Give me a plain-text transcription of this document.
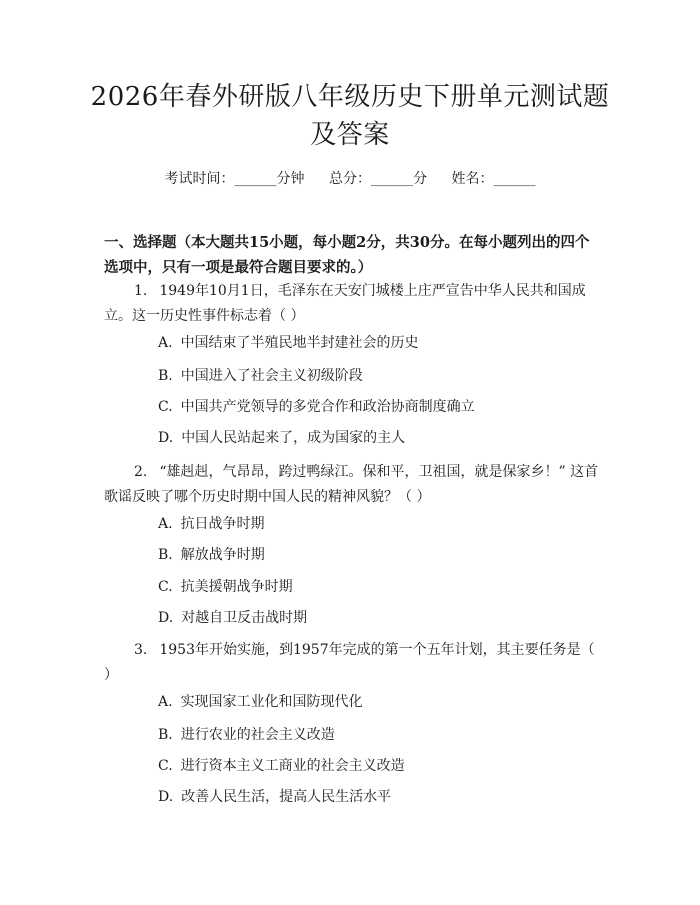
2026年春外研版八年级历史下册单元测试题及答案
考试时间：______分钟 总分：______分 姓名：______
一、选择题（本大题共15小题，每小题2分，共30分。在每小题列出的四个选项中，只有一项是最符合题目要求的。）
1. 1949年10月1日，毛泽东在天安门城楼上庄严宣告中华人民共和国成立。这一历史性事件标志着（ ）
A. 中国结束了半殖民地半封建社会的历史
B. 中国进入了社会主义初级阶段
C. 中国共产党领导的多党合作和政治协商制度确立
D. 中国人民站起来了，成为国家的主人
2. “雄赳赳，气昂昂，跨过鸭绿江。保和平，卫祖国，就是保家乡！” 这首歌谣反映了哪个历史时期中国人民的精神风貌？（ ）
A. 抗日战争时期
B. 解放战争时期
C. 抗美援朝战争时期
D. 对越自卫反击战时期
3. 1953年开始实施，到1957年完成的第一个五年计划，其主要任务是（ ）
A. 实现国家工业化和国防现代化
B. 进行农业的社会主义改造
C. 进行资本主义工商业的社会主义改造
D. 改善人民生活，提高人民生活水平
